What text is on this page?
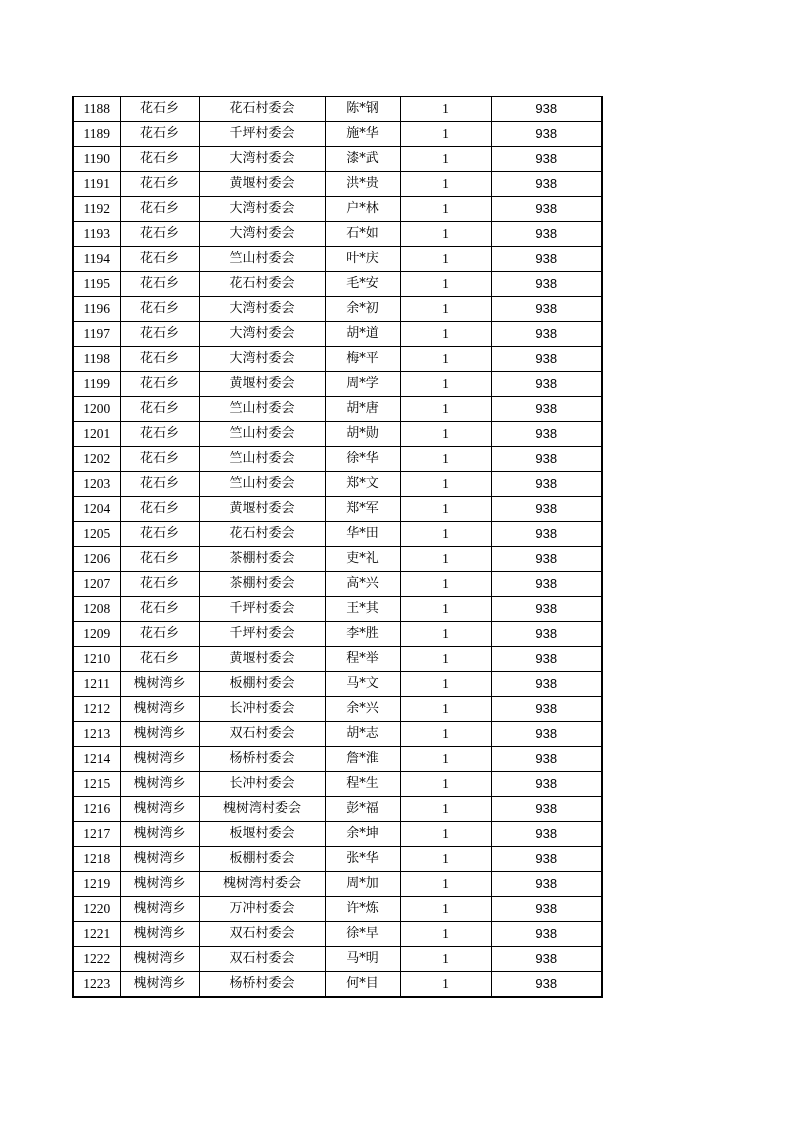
1188	花石乡	花石村委会	陈*钢	1	938
1189	花石乡	千坪村委会	施*华	1	938
1190	花石乡	大湾村委会	漆*武	1	938
1191	花石乡	黄堰村委会	洪*贵	1	938
1192	花石乡	大湾村委会	户*林	1	938
1193	花石乡	大湾村委会	石*如	1	938
1194	花石乡	竺山村委会	叶*庆	1	938
1195	花石乡	花石村委会	毛*安	1	938
1196	花石乡	大湾村委会	余*初	1	938
1197	花石乡	大湾村委会	胡*道	1	938
1198	花石乡	大湾村委会	梅*平	1	938
1199	花石乡	黄堰村委会	周*学	1	938
1200	花石乡	竺山村委会	胡*唐	1	938
1201	花石乡	竺山村委会	胡*勋	1	938
1202	花石乡	竺山村委会	徐*华	1	938
1203	花石乡	竺山村委会	郑*文	1	938
1204	花石乡	黄堰村委会	郑*军	1	938
1205	花石乡	花石村委会	华*田	1	938
1206	花石乡	茶棚村委会	吏*礼	1	938
1207	花石乡	茶棚村委会	高*兴	1	938
1208	花石乡	千坪村委会	王*其	1	938
1209	花石乡	千坪村委会	李*胜	1	938
1210	花石乡	黄堰村委会	程*举	1	938
1211	槐树湾乡	板棚村委会	马*文	1	938
1212	槐树湾乡	长冲村委会	余*兴	1	938
1213	槐树湾乡	双石村委会	胡*志	1	938
1214	槐树湾乡	杨桥村委会	詹*淮	1	938
1215	槐树湾乡	长冲村委会	程*生	1	938
1216	槐树湾乡	槐树湾村委会	彭*福	1	938
1217	槐树湾乡	板堰村委会	余*坤	1	938
1218	槐树湾乡	板棚村委会	张*华	1	938
1219	槐树湾乡	槐树湾村委会	周*加	1	938
1220	槐树湾乡	万冲村委会	许*炼	1	938
1221	槐树湾乡	双石村委会	徐*早	1	938
1222	槐树湾乡	双石村委会	马*明	1	938
1223	槐树湾乡	杨桥村委会	何*目	1	938
